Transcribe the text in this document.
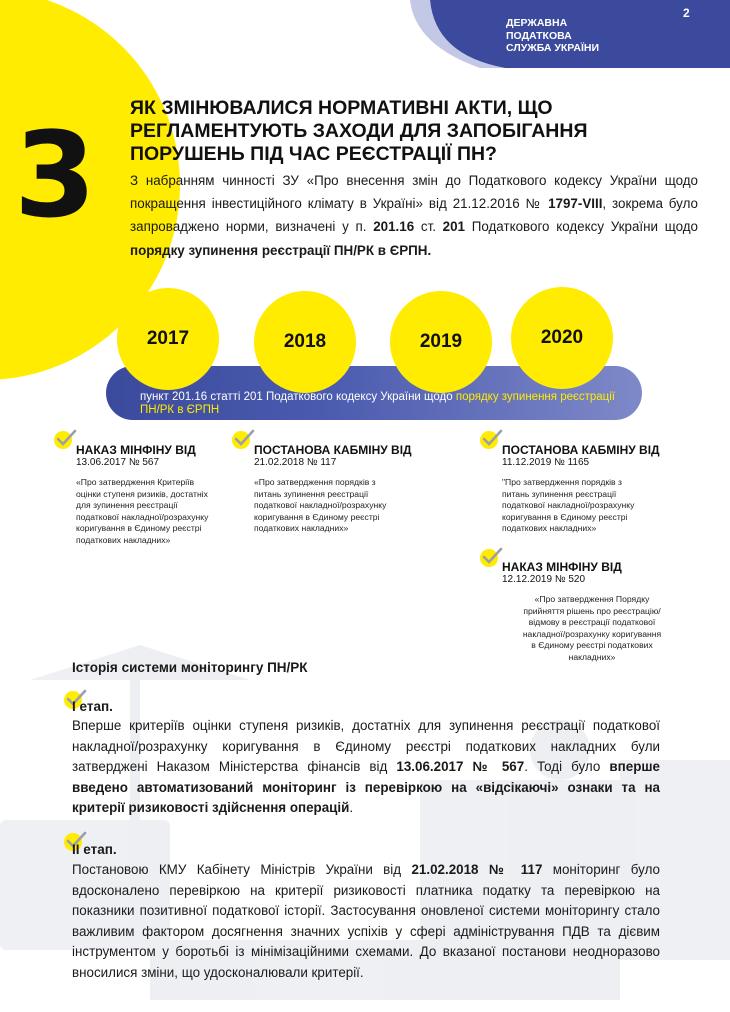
ДЕРЖАВНА
ПОДАТКОВА
СЛУЖБА УКРАЇНИ
2
3 ЯК ЗМІНЮВАЛИСЯ НОРМАТИВНІ АКТИ, ЩО
РЕГЛАМЕНТУЮТЬ ЗАХОДИ ДЛЯ ЗАПОБІГАННЯ
ПОРУШЕНЬ ПІД ЧАС РЕЄСТРАЦІЇ ПН?

З набранням чинності ЗУ «Про внесення змін до Податкового кодексу України щодо покращення інвестиційного клімату в Україні» від 21.12.2016 № 1797-VIII, зокрема було запроваджено норми, визначені у п. 201.16 ст. 201 Податкового кодексу України щодо порядку зупинення реєстрації ПН/РК в ЄРПН.

2017	2018	2019	2020
пункт 201.16 статті 201 Податкового кодексу України щодо порядку зупинення реєстрації ПН/РК в ЄРПН
НАКАЗ МІНФІНУ ВІД
13.06.2017 № 567
«Про затвердження Критеріїв
оцінки ступеня ризиків, достатніх
для зупинення реєстрації
податкової накладної/розрахунку
коригування в Єдиному реєстрі
податкових накладних»
ПОСТАНОВА КАБМІНУ ВІД
21.02.2018 № 117
«Про затвердження порядків з
питань зупинення реєстрації
податкової накладної/розрахунку
коригування в Єдиному реєстрі
податкових накладних»
ПОСТАНОВА КАБМІНУ ВІД
11.12.2019 № 1165
"Про затвердження порядків з
питань зупинення реєстрації
податкової накладної/розрахунку
коригування в Єдиному реєстрі
податкових накладних»
НАКАЗ МІНФІНУ ВІД
12.12.2019 № 520
«Про затвердження Порядку
прийняття рішень про реєстрацію/
відмову в реєстрації податкової
накладної/розрахунку коригування
в Єдиному реєстрі податкових
накладних»
Історія системи моніторингу ПН/РК
І етап.

Вперше критеріїв оцінки ступеня ризиків, достатніх для зупинення реєстрації податкової накладної/розрахунку коригування в Єдиному реєстрі податкових накладних були затверджені Наказом Міністерства фінансів від 13.06.2017 № 567. Тоді було вперше введено автоматизований моніторинг із перевіркою на «відсікаючі» ознаки та на критерії ризиковості здійснення операцій.

ІІ етап.

Постановою КМУ Кабінету Міністрів України від 21.02.2018 № 117 моніторинг було вдосконалено перевіркою на критерії ризиковості платника податку та перевіркою на показники позитивної податкової історії. Застосування оновленої системи моніторингу стало важливим фактором досягнення значних успіхів у сфері адміністрування ПДВ та дієвим інструментом у боротьбі із мінімізаційними схемами. До вказаної постанови неодноразово вносилися зміни, що удосконалювали критерії.
